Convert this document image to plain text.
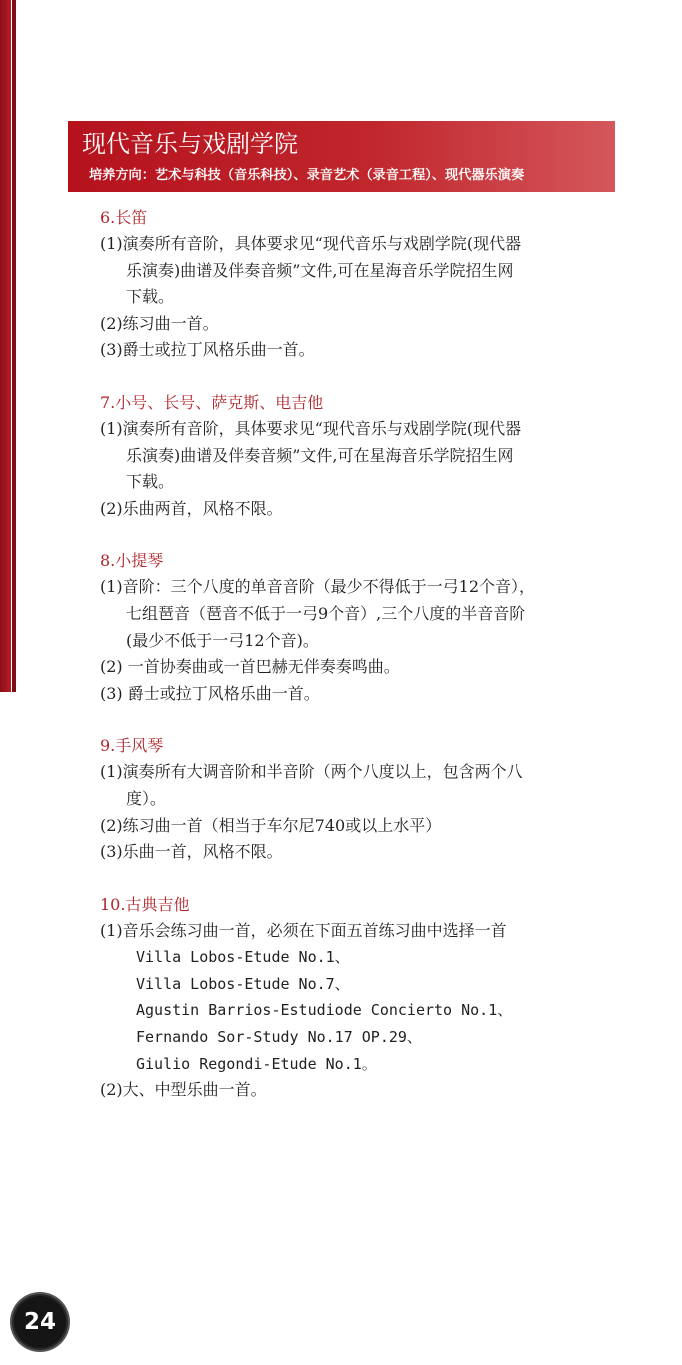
现代音乐与戏剧学院
培养方向：艺术与科技（音乐科技）、录音艺术（录音工程）、现代器乐演奏
6.长笛
(1)演奏所有音阶，具体要求见“现代音乐与戏剧学院(现代器
乐演奏)曲谱及伴奏音频”文件,可在星海音乐学院招生网
下载。
(2)练习曲一首。
(3)爵士或拉丁风格乐曲一首。
7.小号、长号、萨克斯、电吉他
(1)演奏所有音阶，具体要求见“现代音乐与戏剧学院(现代器
乐演奏)曲谱及伴奏音频”文件,可在星海音乐学院招生网
下载。
(2)乐曲两首，风格不限。
8.小提琴
(1)音阶：三个八度的单音音阶（最少不得低于一弓12个音），
七组琶音（琶音不低于一弓9个音）,三个八度的半音音阶
(最少不低于一弓12个音)。
(2) 一首协奏曲或一首巴赫无伴奏奏鸣曲。
(3) 爵士或拉丁风格乐曲一首。
9.手风琴
(1)演奏所有大调音阶和半音阶（两个八度以上，包含两个八
度）。
(2)练习曲一首（相当于车尔尼740或以上水平）
(3)乐曲一首，风格不限。
10.古典吉他
(1)音乐会练习曲一首，必须在下面五首练习曲中选择一首
Villa Lobos-Etude No.1、
Villa Lobos-Etude No.7、
Agustin Barrios-Estudiode Concierto No.1、
Fernando Sor-Study No.17 OP.29、
Giulio Regondi-Etude No.1。
(2)大、中型乐曲一首。
24
